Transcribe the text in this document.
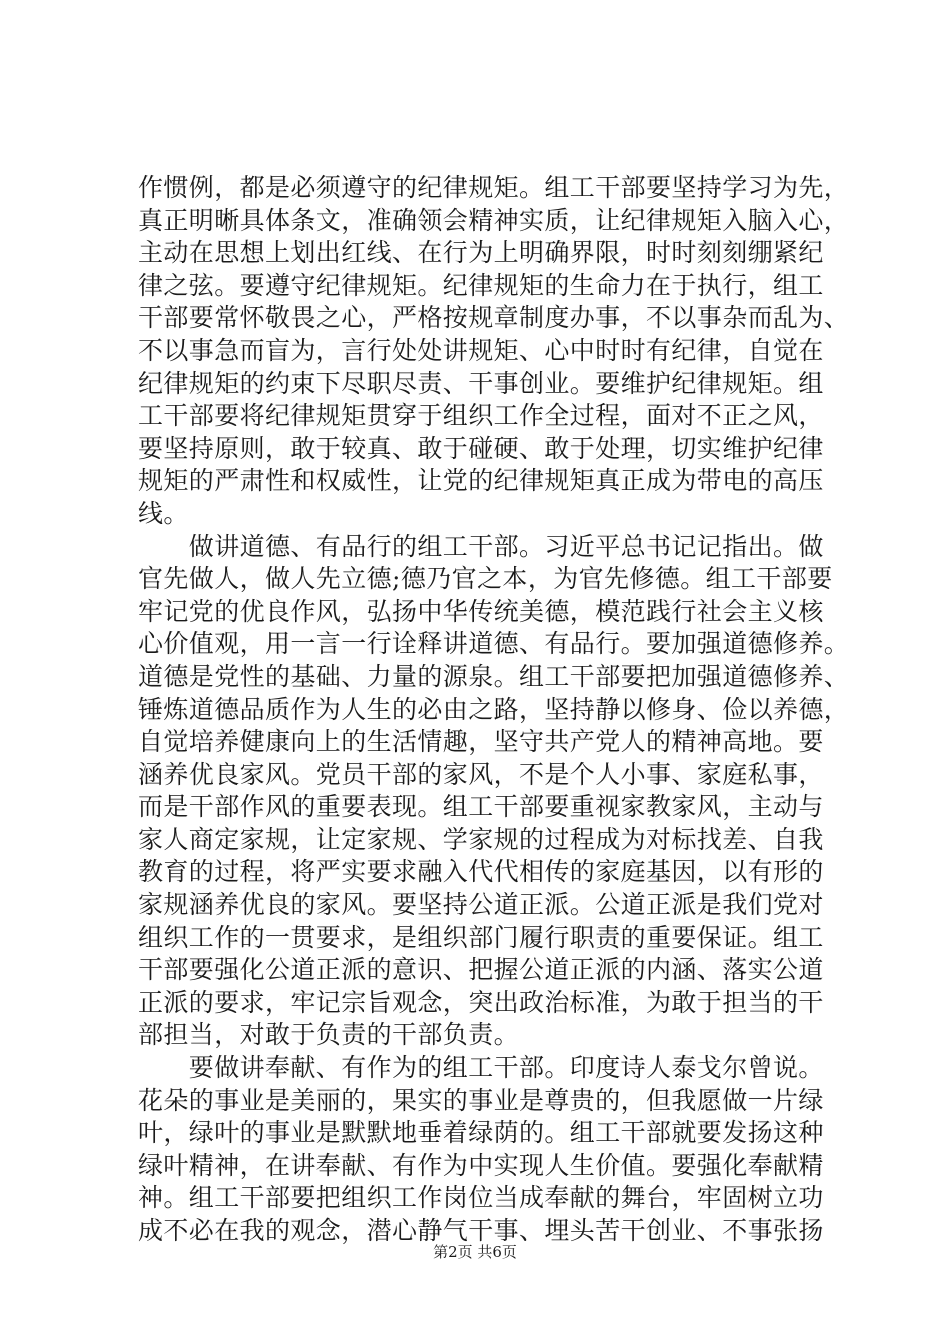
作惯例，都是必须遵守的纪律规矩。组工干部要坚持学习为先，
真正明晰具体条文，准确领会精神实质，让纪律规矩入脑入心，
主动在思想上划出红线、在行为上明确界限，时时刻刻绷紧纪
律之弦。要遵守纪律规矩。纪律规矩的生命力在于执行，组工
干部要常怀敬畏之心，严格按规章制度办事，不以事杂而乱为、
不以事急而盲为，言行处处讲规矩、心中时时有纪律，自觉在
纪律规矩的约束下尽职尽责、干事创业。要维护纪律规矩。组
工干部要将纪律规矩贯穿于组织工作全过程，面对不正之风，
要坚持原则，敢于较真、敢于碰硬、敢于处理，切实维护纪律
规矩的严肃性和权威性，让党的纪律规矩真正成为带电的高压
线。
　　做讲道德、有品行的组工干部。习近平总书记记指出。做
官先做人，做人先立德;德乃官之本，为官先修德。组工干部要
牢记党的优良作风，弘扬中华传统美德，模范践行社会主义核
心价值观，用一言一行诠释讲道德、有品行。要加强道德修养。
道德是党性的基础、力量的源泉。组工干部要把加强道德修养、
锤炼道德品质作为人生的必由之路，坚持静以修身、俭以养德，
自觉培养健康向上的生活情趣，坚守共产党人的精神高地。要
涵养优良家风。党员干部的家风，不是个人小事、家庭私事，
而是干部作风的重要表现。组工干部要重视家教家风，主动与
家人商定家规，让定家规、学家规的过程成为对标找差、自我
教育的过程，将严实要求融入代代相传的家庭基因，以有形的
家规涵养优良的家风。要坚持公道正派。公道正派是我们党对
组织工作的一贯要求，是组织部门履行职责的重要保证。组工
干部要强化公道正派的意识、把握公道正派的内涵、落实公道
正派的要求，牢记宗旨观念，突出政治标准，为敢于担当的干
部担当，对敢于负责的干部负责。
　　要做讲奉献、有作为的组工干部。印度诗人泰戈尔曾说。
花朵的事业是美丽的，果实的事业是尊贵的，但我愿做一片绿
叶，绿叶的事业是默默地垂着绿荫的。组工干部就要发扬这种
绿叶精神，在讲奉献、有作为中实现人生价值。要强化奉献精
神。组工干部要把组织工作岗位当成奉献的舞台，牢固树立功
成不必在我的观念，潜心静气干事、埋头苦干创业、不事张扬
第2页 共6页
